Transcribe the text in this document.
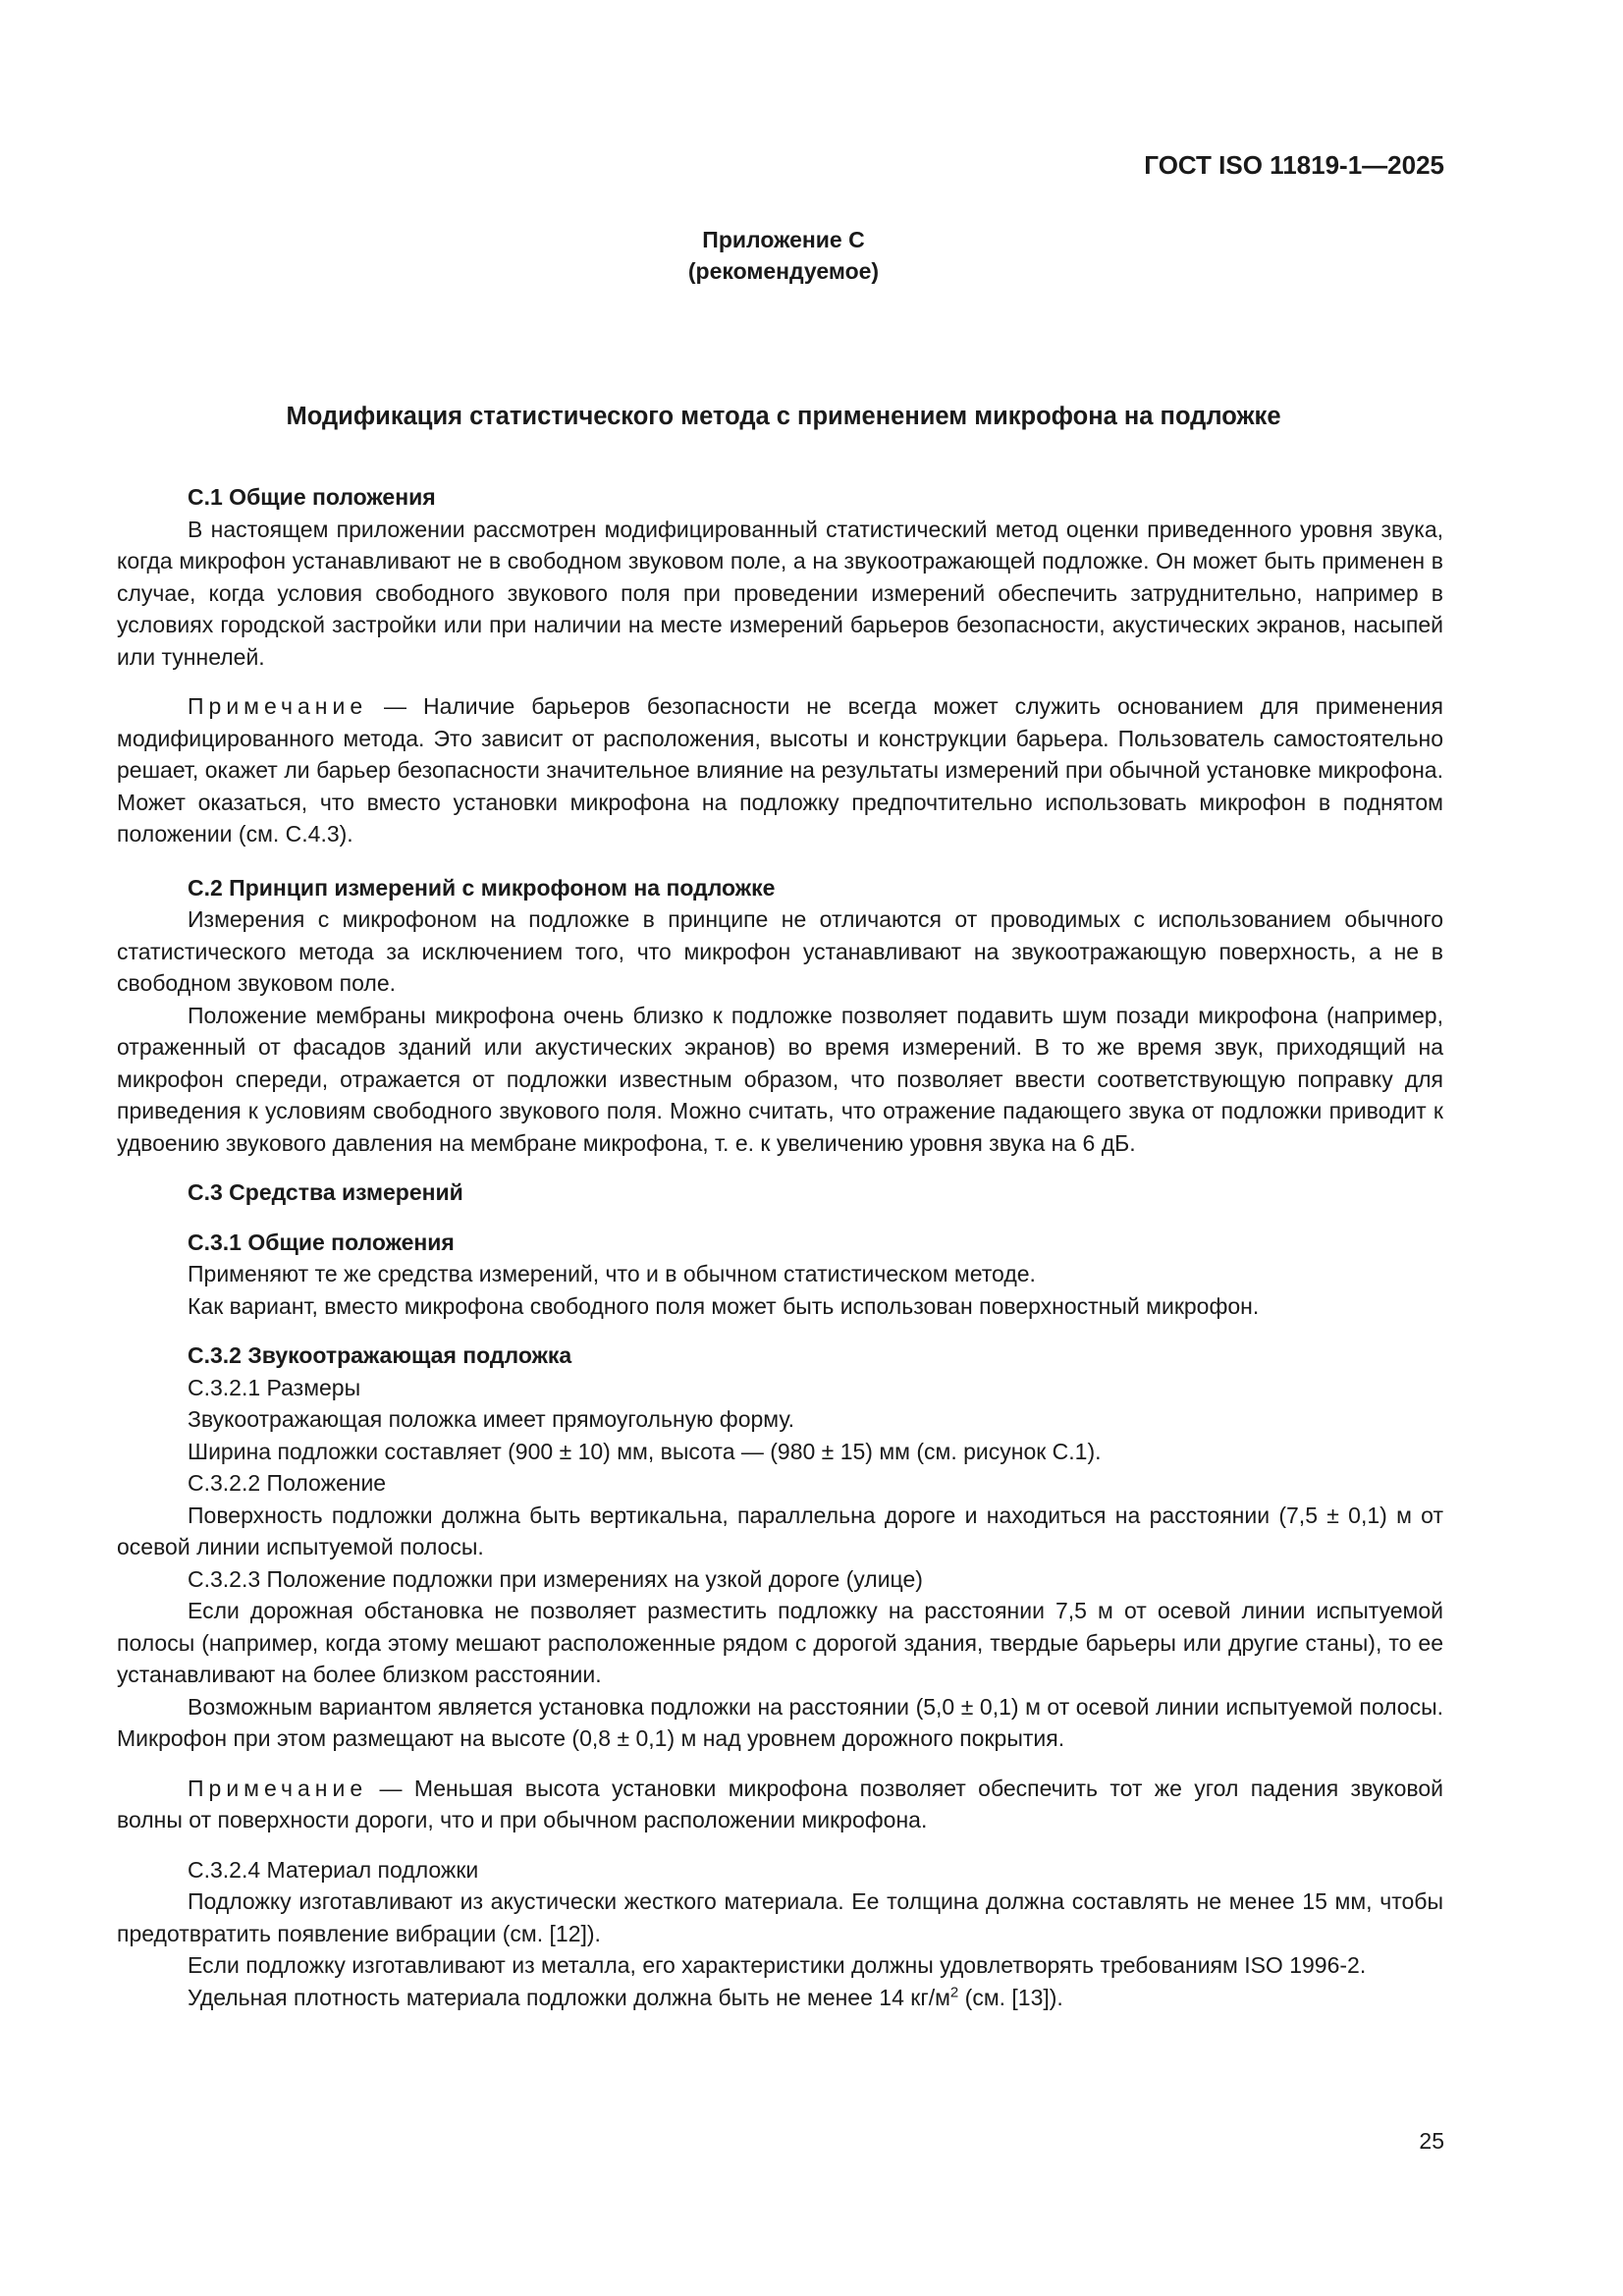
ГОСТ ISO 11819-1—2025

Приложение С
(рекомендуемое)
Модификация статистического метода с применением микрофона на подложке
С.1 Общие положения

В настоящем приложении рассмотрен модифицированный статистический метод оценки приведенного уровня звука, когда микрофон устанавливают не в свободном звуковом поле, а на звукоотражающей подложке. Он может быть применен в случае, когда условия свободного звукового поля при проведении измерений обеспечить затруднительно, например в условиях городской застройки или при наличии на месте измерений барьеров безопасности, акустических экранов, насыпей или туннелей.

Примечание — Наличие барьеров безопасности не всегда может служить основанием для применения модифицированного метода. Это зависит от расположения, высоты и конструкции барьера. Пользователь самостоятельно решает, окажет ли барьер безопасности значительное влияние на результаты измерений при обычной установке микрофона. Может оказаться, что вместо установки микрофона на подложку предпочтительно использовать микрофон в поднятом положении (см. С.4.3).

С.2 Принцип измерений с микрофоном на подложке

Измерения с микрофоном на подложке в принципе не отличаются от проводимых с использованием обычного статистического метода за исключением того, что микрофон устанавливают на звукоотражающую поверхность, а не в свободном звуковом поле.

Положение мембраны микрофона очень близко к подложке позволяет подавить шум позади микрофона (например, отраженный от фасадов зданий или акустических экранов) во время измерений. В то же время звук, приходящий на микрофон спереди, отражается от подложки известным образом, что позволяет ввести соответствующую поправку для приведения к условиям свободного звукового поля. Можно считать, что отражение падающего звука от подложки приводит к удвоению звукового давления на мембране микрофона, т. е. к увеличению уровня звука на 6 дБ.

С.3 Средства измерений
С.3.1 Общие положения

Применяют те же средства измерений, что и в обычном статистическом методе.

Как вариант, вместо микрофона свободного поля может быть использован поверхностный микрофон.

С.3.2 Звукоотражающая подложка
С.3.2.1 Размеры

Звукоотражающая положка имеет прямоугольную форму.

Ширина подложки составляет (900 ± 10) мм, высота — (980 ± 15) мм (см. рисунок С.1).

С.3.2.2 Положение

Поверхность подложки должна быть вертикальна, параллельна дороге и находиться на расстоянии (7,5 ± 0,1) м от осевой линии испытуемой полосы.

С.3.2.3 Положение подложки при измерениях на узкой дороге (улице)

Если дорожная обстановка не позволяет разместить подложку на расстоянии 7,5 м от осевой линии испытуемой полосы (например, когда этому мешают расположенные рядом с дорогой здания, твердые барьеры или другие станы), то ее устанавливают на более близком расстоянии.

Возможным вариантом является установка подложки на расстоянии (5,0 ± 0,1) м от осевой линии испытуемой полосы. Микрофон при этом размещают на высоте (0,8 ± 0,1) м над уровнем дорожного покрытия.

Примечание — Меньшая высота установки микрофона позволяет обеспечить тот же угол падения звуковой волны от поверхности дороги, что и при обычном расположении микрофона.

С.3.2.4 Материал подложки

Подложку изготавливают из акустически жесткого материала. Ее толщина должна составлять не менее 15 мм, чтобы предотвратить появление вибрации (см. [12]).

Если подложку изготавливают из металла, его характеристики должны удовлетворять требованиям ISO 1996-2.

Удельная плотность материала подложки должна быть не менее 14 $кг/м^2$ (см. [13]).

25
